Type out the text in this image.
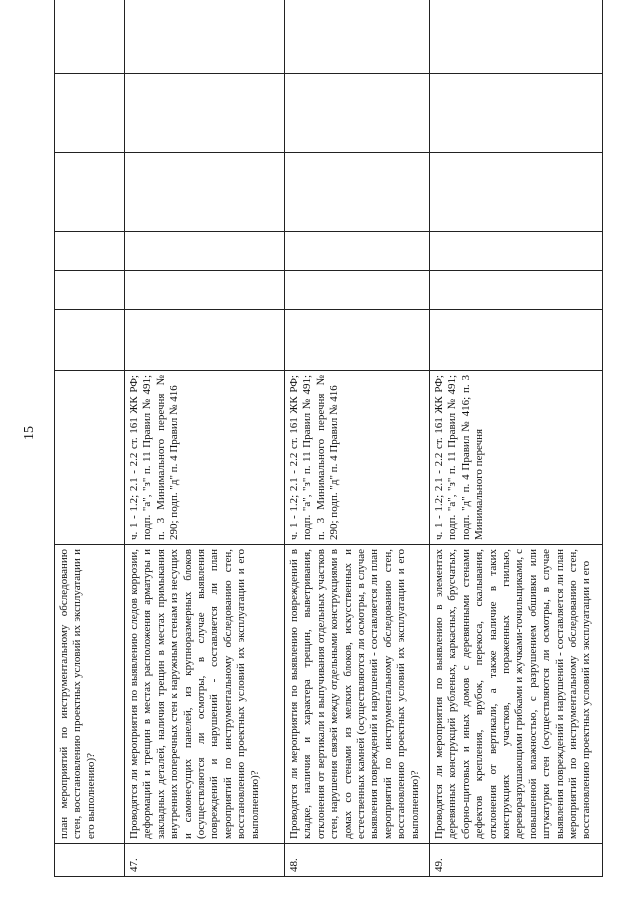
15
	план мероприятий по инструментальному обследованию стен, восстановлению проектных условий их эксплуатации и его выполнению)?							
47.	Проводятся ли мероприятия по выявлению следов коррозии, деформаций и трещин в местах расположения арматуры и закладных деталей, наличия трещин в местах примыкания внутренних поперечных стен к наружным стенам из несущих и самонесущих панелей, из крупноразмерных блоков (осуществляются ли осмотры, в случае выявления повреждений и нарушений - составляется ли план мероприятий по инструментальному обследованию стен, восстановлению проектных условий их эксплуатации и его выполнению)?	ч. 1 - 1.2; 2.1 - 2.2 ст. 161 ЖК РФ; подп. "а", "з" п. 11 Правил № 491; п. 3 Минимального перечня № 290; подп. "д" п. 4 Правил № 416						
48.	Проводятся ли мероприятия по выявлению повреждений в кладке, наличия и характера трещин, выветривания, отклонения от вертикали и выпучивания отдельных участков стен, нарушения связей между отдельными конструкциями в домах со стенами из мелких блоков, искусственных и естественных камней (осуществляются ли осмотры, в случае выявления повреждений и нарушений - составляется ли план мероприятий по инструментальному обследованию стен, восстановлению проектных условий их эксплуатации и его выполнению)?	ч. 1 - 1.2; 2.1 - 2.2 ст. 161 ЖК РФ; подп. "а", "з" п. 11 Правил № 491; п. 3 Минимального перечня № 290; подп. "д" п. 4 Правил № 416						
49.	Проводятся ли мероприятия по выявлению в элементах деревянных конструкций рубленых, каркасных, брусчатых, сборно-щитовых и иных домов с деревянными стенами дефектов крепления, врубок, перекоса, скалывания, отклонения от вертикали, а также наличие в таких конструкциях участков, пораженных гнилью, дереворазрушающими грибками и жучками-точильщиками, с повышенной влажностью, с разрушением обшивки или штукатурки стен (осуществляются ли осмотры, в случае выявления повреждений и нарушений - составляется ли план мероприятий по инструментальному обследованию стен, восстановлению проектных условий их эксплуатации и его	ч. 1 - 1.2; 2.1 - 2.2 ст. 161 ЖК РФ; подп. "а", "з" п. 11 Правил № 491; подп. "д" п. 4 Правил № 416; п. 3 Минимального перечня						
